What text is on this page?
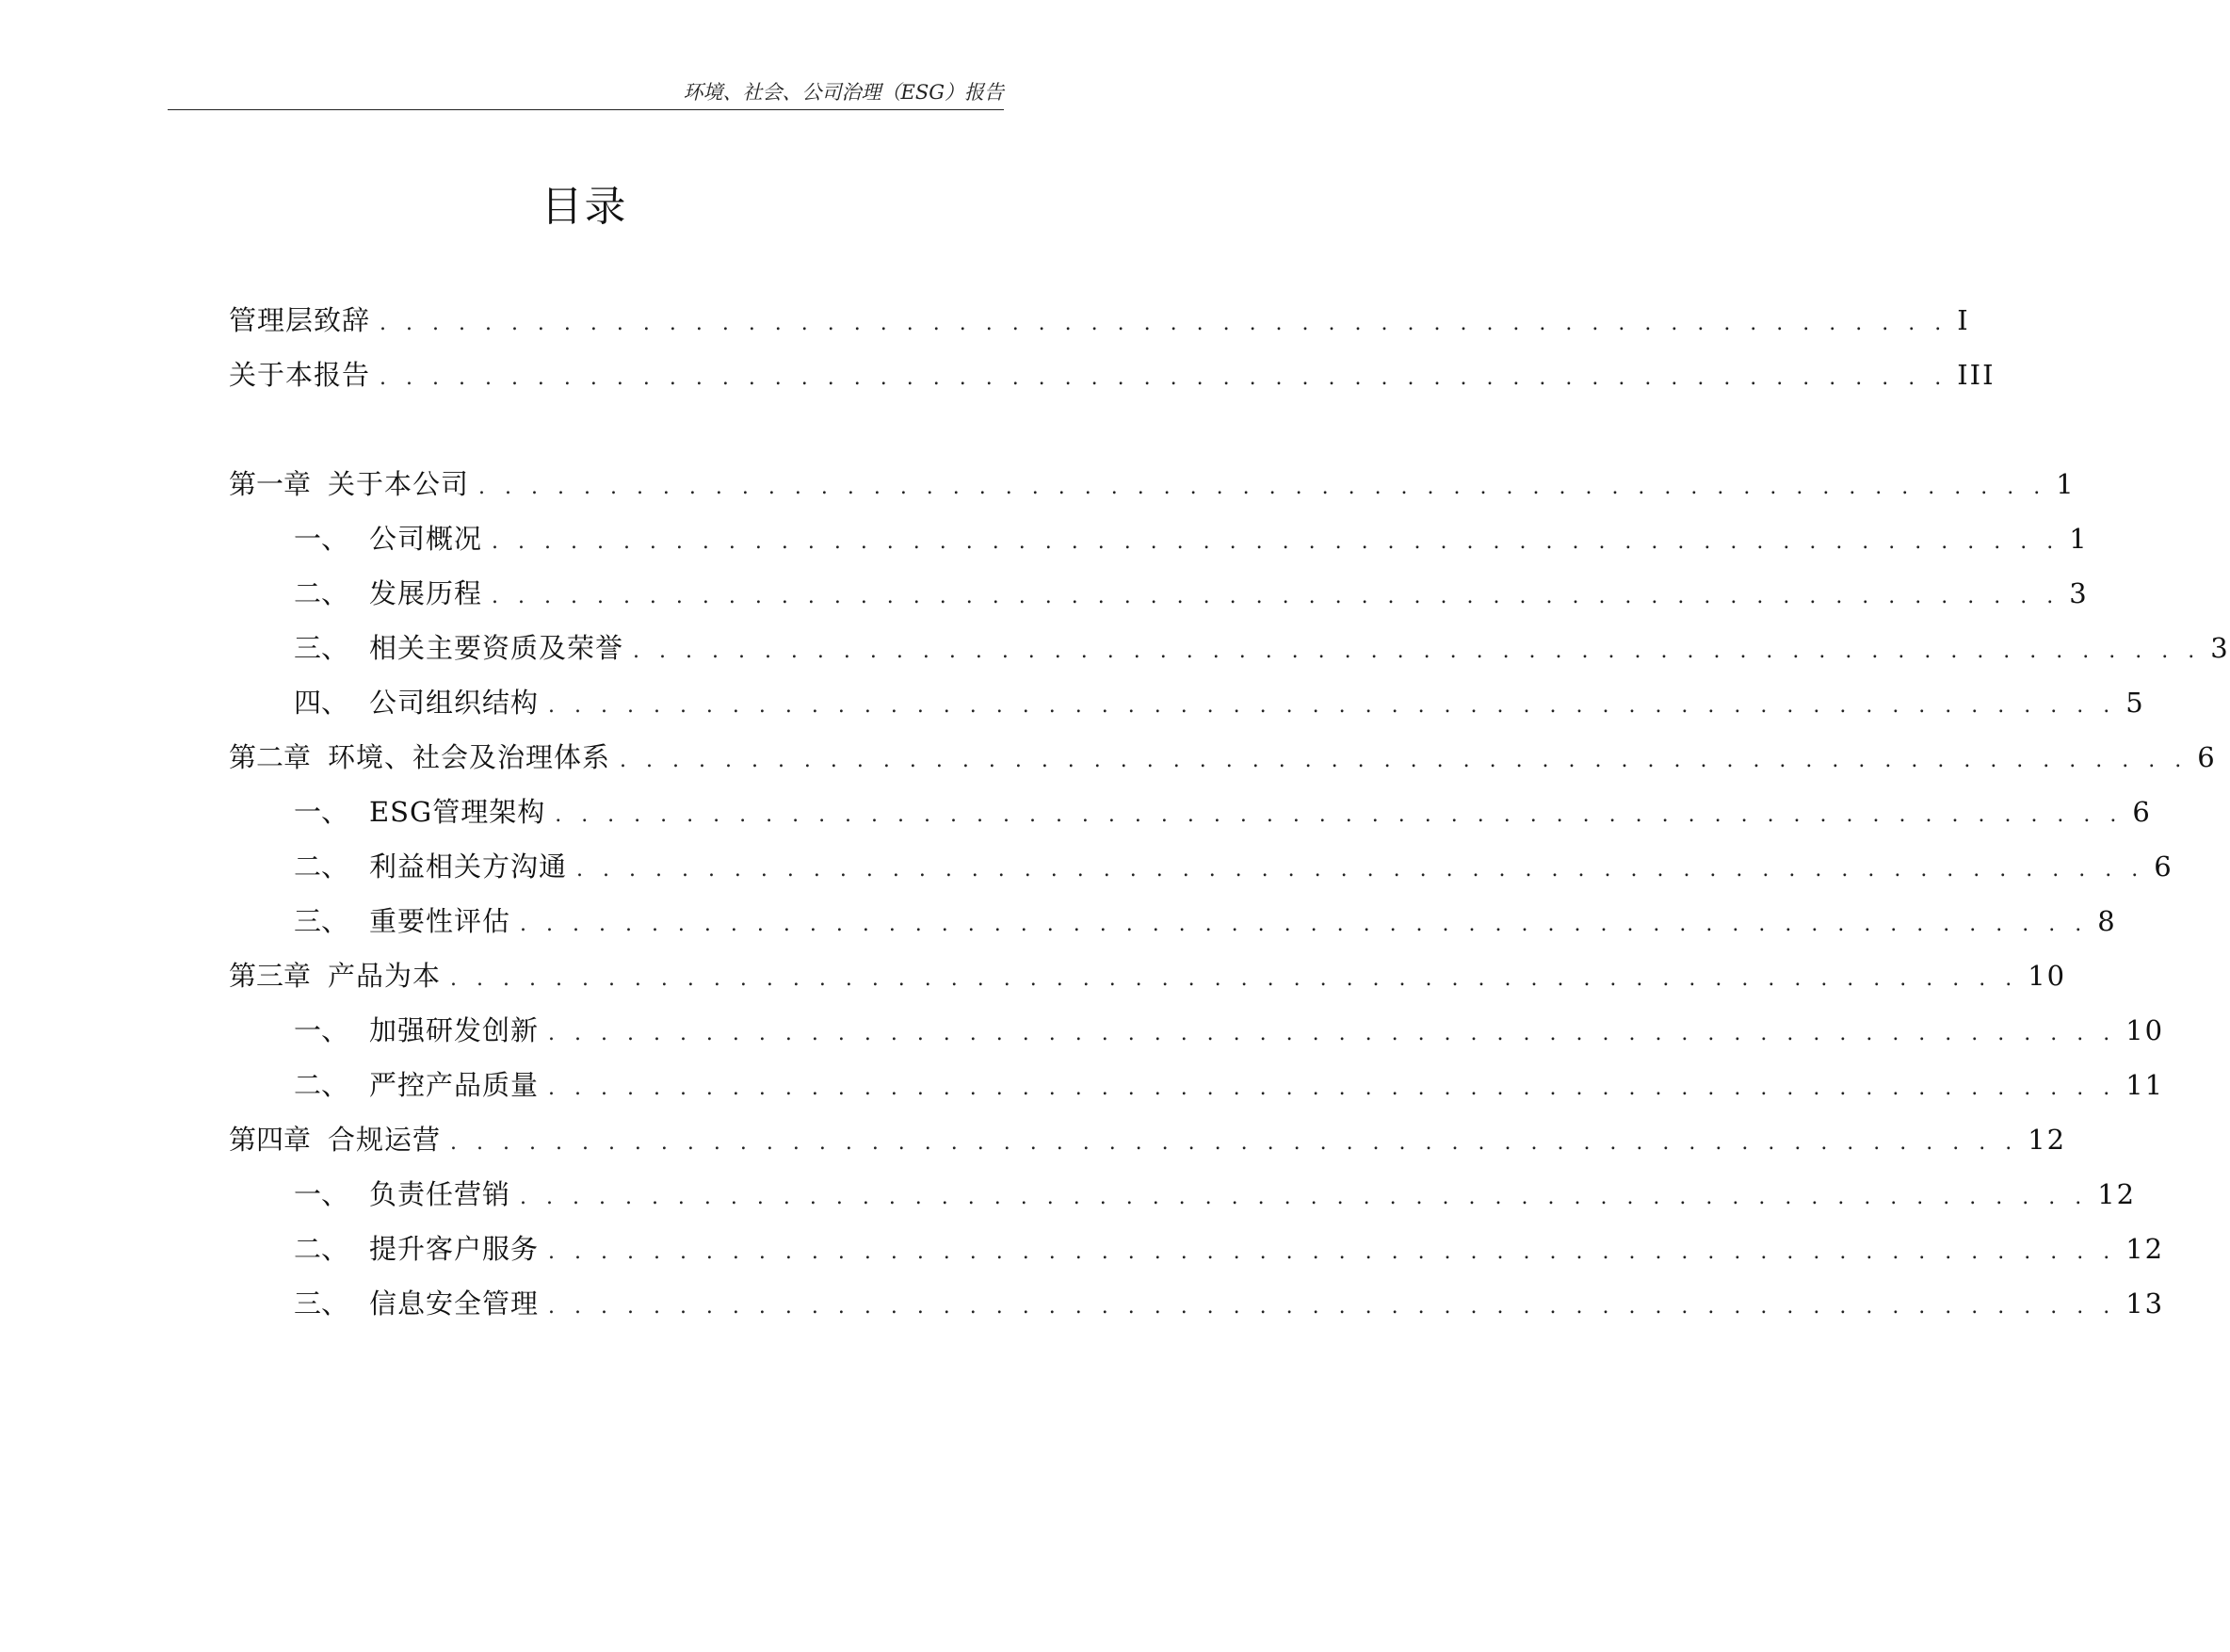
环境、社会、公司治理（ESG）报告
目录
管理层致辞 . . . . . . . . . . . . . . . . . . . . . . . . . . . . . . . . . . . . . . . . . . . . . . . . . . . . . . . . . . . . I
关于本报告 . . . . . . . . . . . . . . . . . . . . . . . . . . . . . . . . . . . . . . . . . . . . . . . . . . . . . . . . . . . . III
第一章 关于本公司 . . . . . . . . . . . . . . . . . . . . . . . . . . . . . . . . . . . . . . . . . . . . . . . . . . . . . . . . . . . . 1
一、 公司概况 . . . . . . . . . . . . . . . . . . . . . . . . . . . . . . . . . . . . . . . . . . . . . . . . . . . . . . . . . . . . 1
二、 发展历程 . . . . . . . . . . . . . . . . . . . . . . . . . . . . . . . . . . . . . . . . . . . . . . . . . . . . . . . . . . . . 3
三、 相关主要资质及荣誉 . . . . . . . . . . . . . . . . . . . . . . . . . . . . . . . . . . . . . . . . . . . . . . . . . . . . . . . . . . . . 3
四、 公司组织结构 . . . . . . . . . . . . . . . . . . . . . . . . . . . . . . . . . . . . . . . . . . . . . . . . . . . . . . . . . . . . 5
第二章 环境、社会及治理体系 . . . . . . . . . . . . . . . . . . . . . . . . . . . . . . . . . . . . . . . . . . . . . . . . . . . . . . . . . . . . 6
一、 ESG管理架构 . . . . . . . . . . . . . . . . . . . . . . . . . . . . . . . . . . . . . . . . . . . . . . . . . . . . . . . . . . . . 6
二、 利益相关方沟通 . . . . . . . . . . . . . . . . . . . . . . . . . . . . . . . . . . . . . . . . . . . . . . . . . . . . . . . . . . . . 6
三、 重要性评估 . . . . . . . . . . . . . . . . . . . . . . . . . . . . . . . . . . . . . . . . . . . . . . . . . . . . . . . . . . . . 8
第三章 产品为本 . . . . . . . . . . . . . . . . . . . . . . . . . . . . . . . . . . . . . . . . . . . . . . . . . . . . . . . . . . . . 10
一、 加强研发创新 . . . . . . . . . . . . . . . . . . . . . . . . . . . . . . . . . . . . . . . . . . . . . . . . . . . . . . . . . . . . 10
二、 严控产品质量 . . . . . . . . . . . . . . . . . . . . . . . . . . . . . . . . . . . . . . . . . . . . . . . . . . . . . . . . . . . . 11
第四章 合规运营 . . . . . . . . . . . . . . . . . . . . . . . . . . . . . . . . . . . . . . . . . . . . . . . . . . . . . . . . . . . . 12
一、 负责任营销 . . . . . . . . . . . . . . . . . . . . . . . . . . . . . . . . . . . . . . . . . . . . . . . . . . . . . . . . . . . . 12
二、 提升客户服务 . . . . . . . . . . . . . . . . . . . . . . . . . . . . . . . . . . . . . . . . . . . . . . . . . . . . . . . . . . . . 12
三、 信息安全管理 . . . . . . . . . . . . . . . . . . . . . . . . . . . . . . . . . . . . . . . . . . . . . . . . . . . . . . . . . . . . 13
